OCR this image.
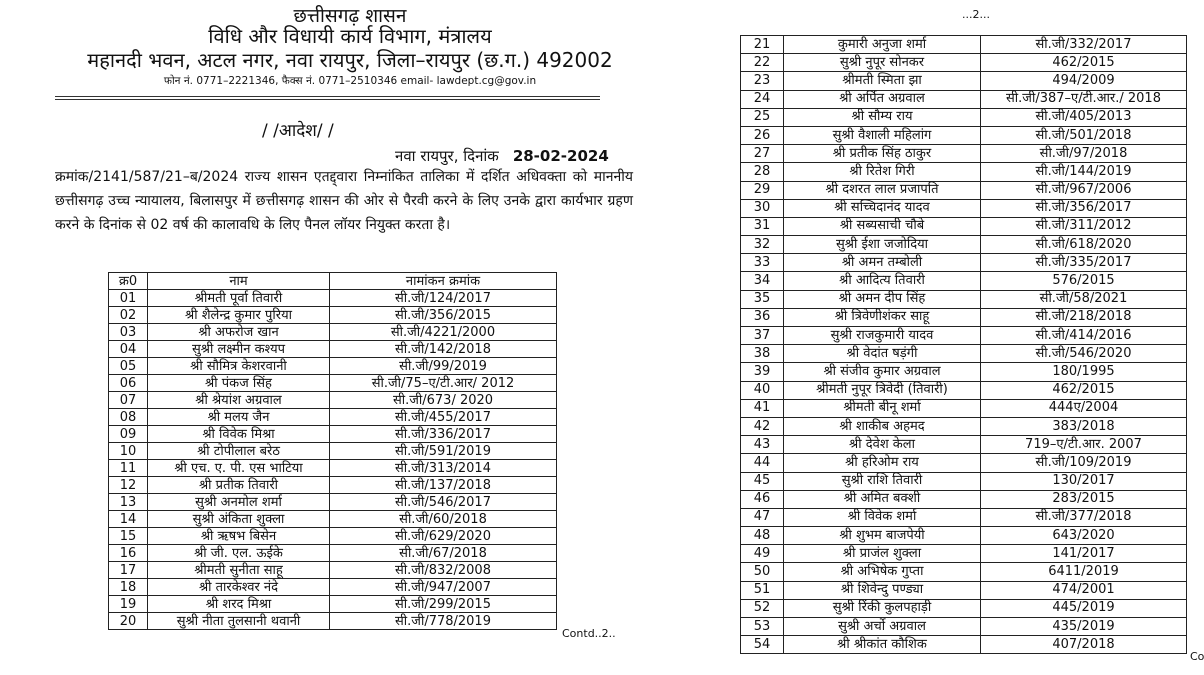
छत्तीसगढ़ शासन
विधि और विधायी कार्य विभाग, मंत्रालय
महानदी भवन, अटल नगर, नवा रायपुर, जिला–रायपुर (छ.ग.) 492002
फोन नं. 0771–2221346, फैक्स नं. 0771–2510346 email- lawdept.cg@gov.in
/ /आदेश/ /
नवा रायपुर, दिनांक 28-02-2024

क्रमांक/2141/587/21–ब/2024 राज्य शासन एतद्द्वारा निम्नांकित तालिका में दर्शित अधिवक्ता को माननीय छत्तीसगढ़ उच्च न्यायालय, बिलासपुर में छत्तीसगढ़ शासन की ओर से पैरवी करने के लिए उनके द्वारा कार्यभार ग्रहण करने के दिनांक से 02 वर्ष की कालावधि के लिए पैनल लॉयर नियुक्त करता है।

क्र0	नाम	नामांकन क्रमांक
01	श्रीमती पूर्वा तिवारी	सी.जी/124/2017
02	श्री शैलेन्द्र कुमार पुरिया	सी.जी/356/2015
03	श्री अफरोज खान	सी.जी/4221/2000
04	सुश्री लक्ष्मीन कश्यप	सी.जी/142/2018
05	श्री सौमित्र केशरवानी	सी.जी/99/2019
06	श्री पंकज सिंह	सी.जी/75–ए/टी.आर/ 2012
07	श्री श्रेयांश अग्रवाल	सी.जी/673/ 2020
08	श्री मलय जैन	सी.जी/455/2017
09	श्री विवेक मिश्रा	सी.जी/336/2017
10	श्री टोपीलाल बरेठ	सी.जी/591/2019
11	श्री एच. ए. पी. एस भाटिया	सी.जी/313/2014
12	श्री प्रतीक तिवारी	सी.जी/137/2018
13	सुश्री अनमोल शर्मा	सी.जी/546/2017
14	सुश्री अंकिता शुक्ला	सी.जी/60/2018
15	श्री ऋषभ बिसेन	सी.जी/629/2020
16	श्री जी. एल. ऊईके	सी.जी/67/2018
17	श्रीमती सुनीता साहू	सी.जी/832/2008
18	श्री तारकेश्वर नंदे	सी.जी/947/2007
19	श्री शरद मिश्रा	सी.जी/299/2015
20	सुश्री नीता तुलसानी थवानी	सी.जी/778/2019
Contd..2..
...2...
21	कुमारी अनुजा शर्मा	सी.जी/332/2017
22	सुश्री नुपूर सोनकर	462/2015
23	श्रीमती स्मिता झा	494/2009
24	श्री अर्पित अग्रवाल	सी.जी/387–ए/टी.आर./ 2018
25	श्री सौम्य राय	सी.जी/405/2013
26	सुश्री वैशाली महिलांग	सी.जी/501/2018
27	श्री प्रतीक सिंह ठाकुर	सी.जी/97/2018
28	श्री रितेश गिरी	सी.जी/144/2019
29	श्री दशरत लाल प्रजापति	सी.जी/967/2006
30	श्री सच्चिदानंद यादव	सी.जी/356/2017
31	श्री सब्यसाची चौबे	सी.जी/311/2012
32	सुश्री ईशा जजोदिया	सी.जी/618/2020
33	श्री अमन तम्बोली	सी.जी/335/2017
34	श्री आदित्य तिवारी	576/2015
35	श्री अमन दीप सिंह	सी.जी/58/2021
36	श्री त्रिवेणीशंकर साहू	सी.जी/218/2018
37	सुश्री राजकुमारी यादव	सी.जी/414/2016
38	श्री वेदांत षड़ंगी	सी.जी/546/2020
39	श्री संजीव कुमार अग्रवाल	180/1995
40	श्रीमती नुपूर त्रिवेदी (तिवारी)	462/2015
41	श्रीमती बीनू शर्मा	444ए/2004
42	श्री शाकीब अहमद	383/2018
43	श्री देवेश केला	719–ए/टी.आर. 2007
44	श्री हरिओम राय	सी.जी/109/2019
45	सुश्री राशि तिवारी	130/2017
46	श्री अमित बक्शी	283/2015
47	श्री विवेक शर्मा	सी.जी/377/2018
48	श्री शुभम बाजपेयी	643/2020
49	श्री प्राजंल शुक्ला	141/2017
50	श्री अभिषेक गुप्ता	6411/2019
51	श्री शिवेन्दु पण्ड्या	474/2001
52	सुश्री रिंकी कुलपहाड़ी	445/2019
53	सुश्री अर्चो अग्रवाल	435/2019
54	श्री श्रीकांत कौशिक	407/2018
Co
